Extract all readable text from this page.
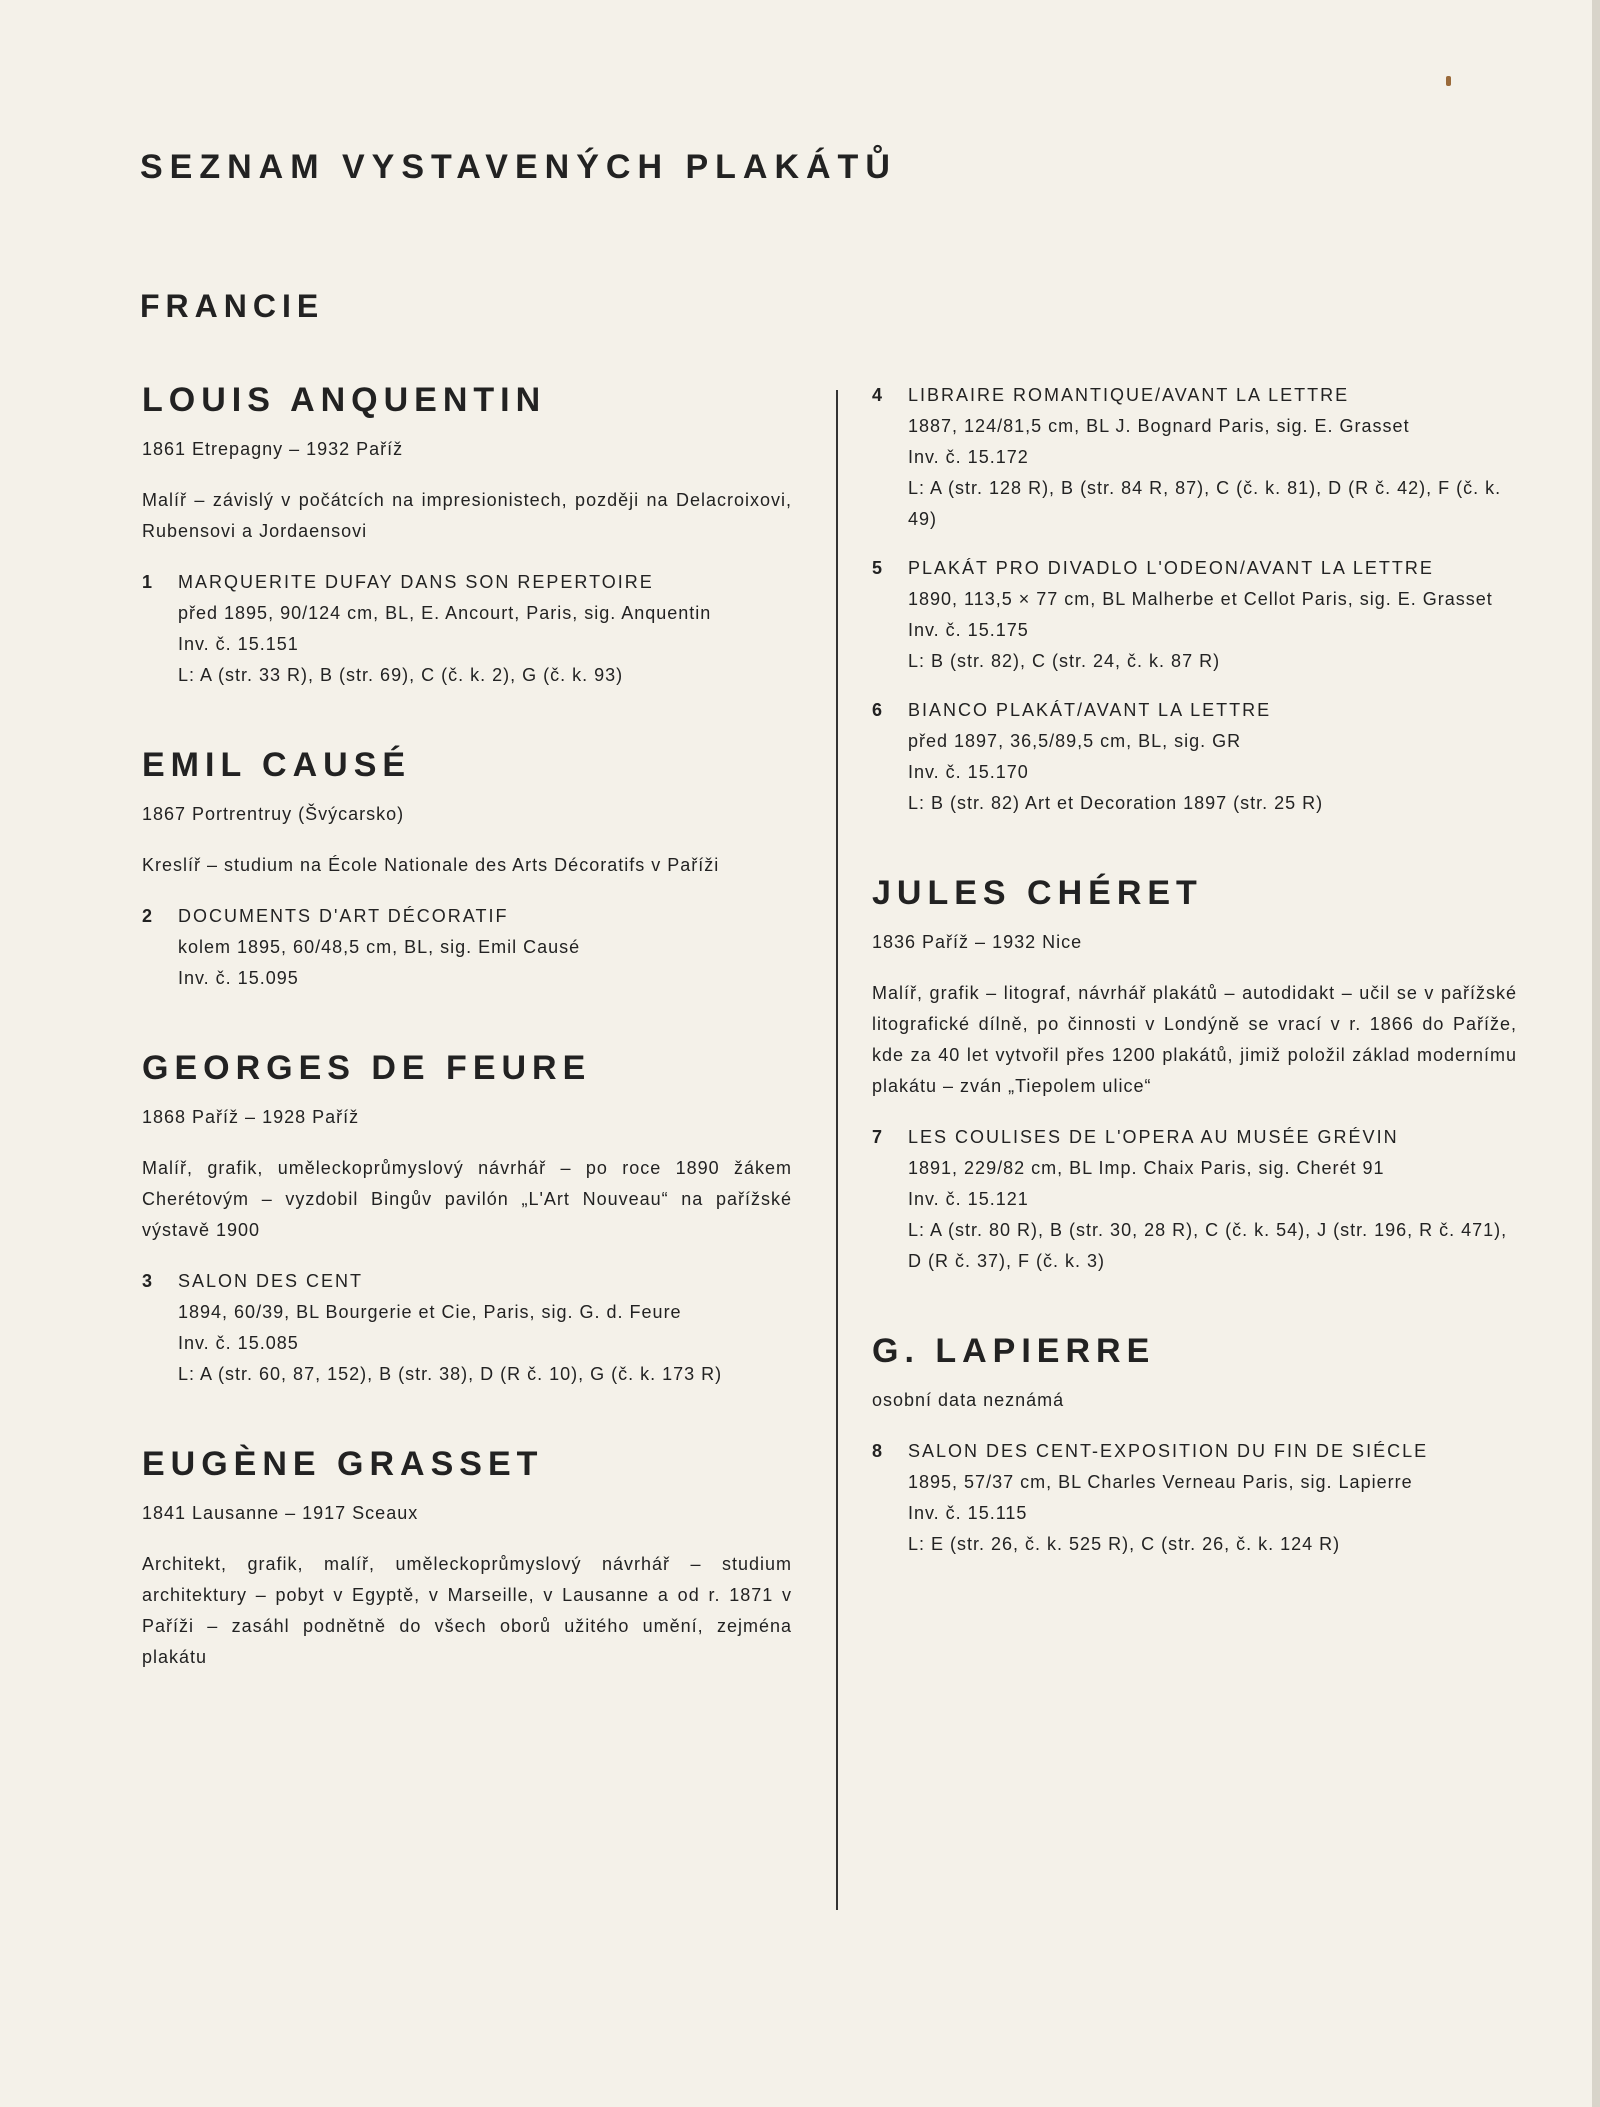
SEZNAM VYSTAVENÝCH PLAKÁTŮ
FRANCIE
LOUIS ANQUENTIN
1861 Etrepagny – 1932 Paříž
Malíř – závislý v počátcích na impresionistech, později na Delacroixovi, Rubensovi a Jordaensovi
1	MARQUERITE DUFAY DANS SON REPERTOIRE
před 1895, 90/124 cm, BL, E. Ancourt, Paris, sig. Anquentin
Inv. č. 15.151
L: A (str. 33 R), B (str. 69), C (č. k. 2), G (č. k. 93)
EMIL CAUSÉ
1867 Portrentruy (Švýcarsko)
Kreslíř – studium na École Nationale des Arts Décoratifs v Paříži
2	DOCUMENTS D'ART DÉCORATIF
kolem 1895, 60/48,5 cm, BL, sig. Emil Causé
Inv. č. 15.095
GEORGES DE FEURE
1868 Paříž – 1928 Paříž
Malíř, grafik, uměleckoprůmyslový návrhář – po roce 1890 žákem Cherétovým – vyzdobil Bingův pavilón „L'Art Nouveau“ na pařížské výstavě 1900
3	SALON DES CENT
1894, 60/39, BL Bourgerie et Cie, Paris, sig. G. d. Feure
Inv. č. 15.085
L: A (str. 60, 87, 152), B (str. 38), D (R č. 10), G (č. k. 173 R)
EUGÈNE GRASSET
1841 Lausanne – 1917 Sceaux
Architekt, grafik, malíř, uměleckoprůmyslový návrhář – studium architektury – pobyt v Egyptě, v Marseille, v Lausanne a od r. 1871 v Paříži – zasáhl podnětně do všech oborů užitého umění, zejména plakátu
4	LIBRAIRE ROMANTIQUE/AVANT LA LETTRE
1887, 124/81,5 cm, BL J. Bognard Paris, sig. E. Grasset
Inv. č. 15.172
L: A (str. 128 R), B (str. 84 R, 87), C (č. k. 81), D (R č. 42), F (č. k. 49)
5	PLAKÁT PRO DIVADLO L'ODEON/AVANT LA LETTRE
1890, 113,5 × 77 cm, BL Malherbe et Cellot Paris, sig. E. Grasset
Inv. č. 15.175
L: B (str. 82), C (str. 24, č. k. 87 R)
6	BIANCO PLAKÁT/AVANT LA LETTRE
před 1897, 36,5/89,5 cm, BL, sig. GR
Inv. č. 15.170
L: B (str. 82) Art et Decoration 1897 (str. 25 R)
JULES CHÉRET
1836 Paříž – 1932 Nice
Malíř, grafik – litograf, návrhář plakátů – autodidakt – učil se v pařížské litografické dílně, po činnosti v Londýně se vrací v r. 1866 do Paříže, kde za 40 let vytvořil přes 1200 plakátů, jimiž položil základ modernímu plakátu – zván „Tiepolem ulice“
7	LES COULISES DE L'OPERA AU MUSÉE GRÉVIN
1891, 229/82 cm, BL Imp. Chaix Paris, sig. Cherét 91
Inv. č. 15.121
L: A (str. 80 R), B (str. 30, 28 R), C (č. k. 54), J (str. 196, R č. 471), D (R č. 37), F (č. k. 3)
G. LAPIERRE
osobní data neznámá
8	SALON DES CENT-EXPOSITION DU FIN DE SIÉCLE
1895, 57/37 cm, BL Charles Verneau Paris, sig. Lapierre
Inv. č. 15.115
L: E (str. 26, č. k. 525 R), C (str. 26, č. k. 124 R)
